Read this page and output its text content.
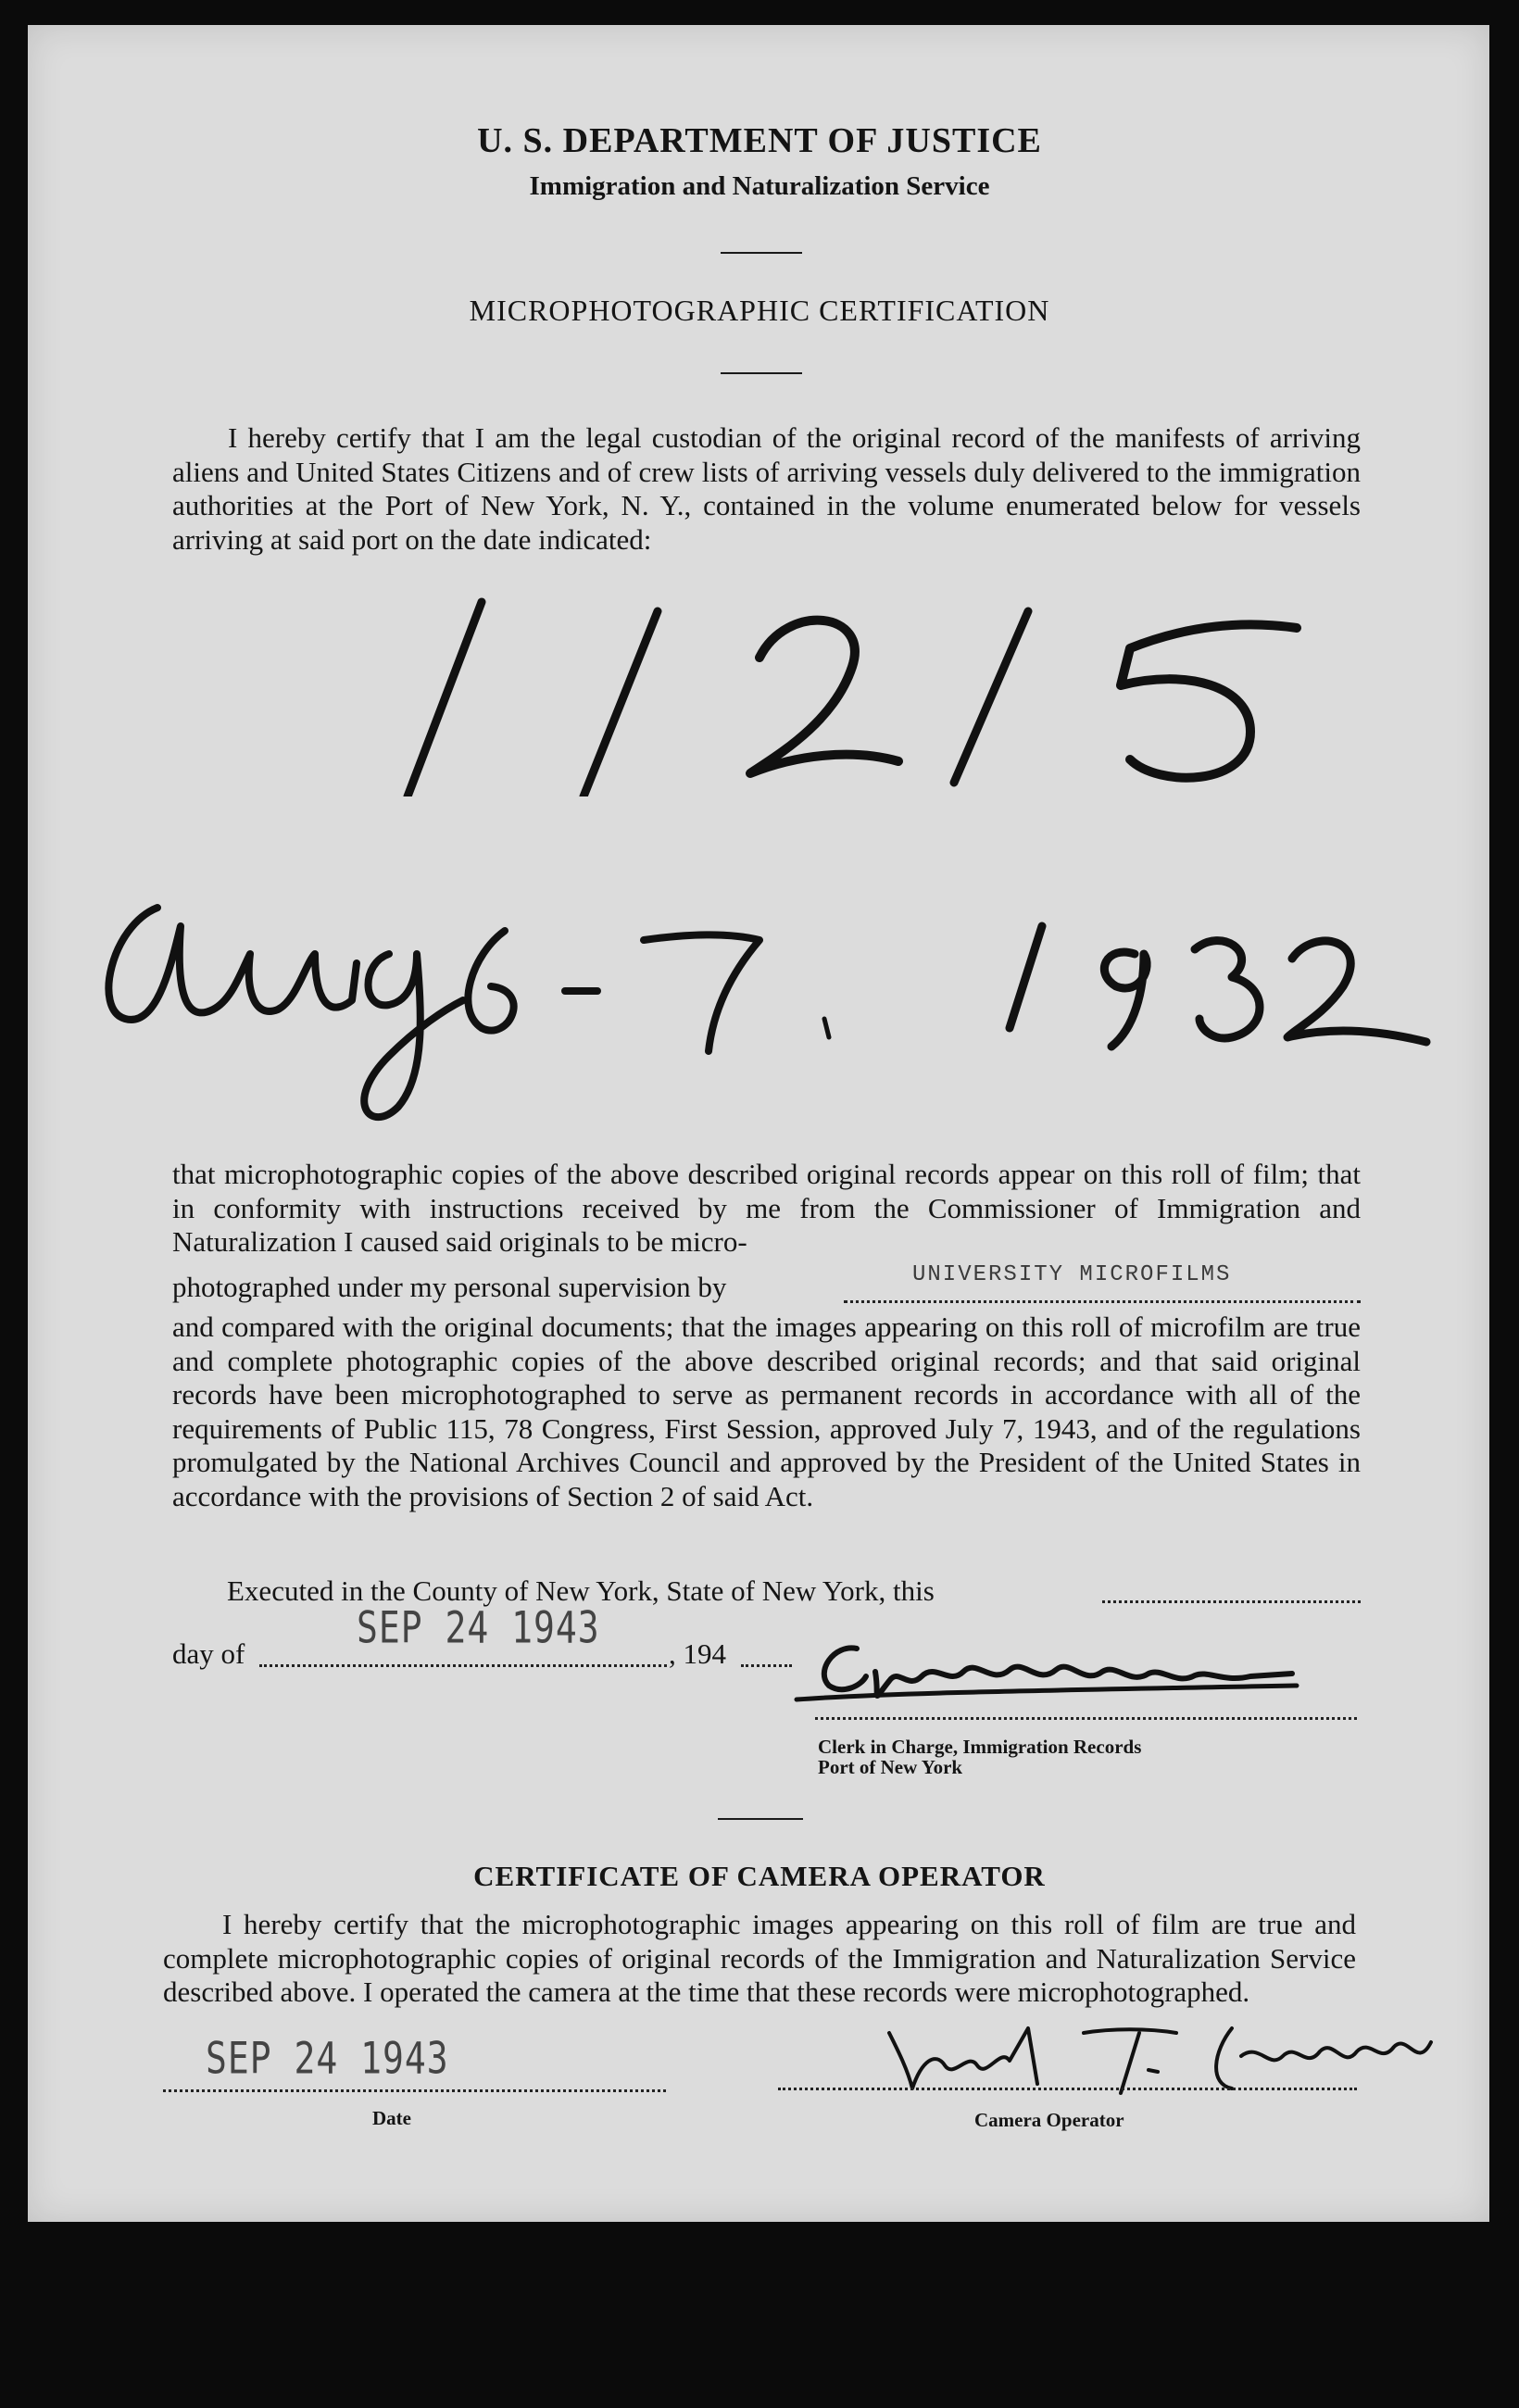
U. S. DEPARTMENT OF JUSTICE
Immigration and Naturalization Service
MICROPHOTOGRAPHIC CERTIFICATION
I hereby certify that I am the legal custodian of the original record of the manifests of arriving aliens and United States Citizens and of crew lists of arriving vessels duly delivered to the immigration authorities at the Port of New York, N. Y., contained in the volume enumerated below for vessels arriving at said port on the date indicated:
that microphotographic copies of the above described original records appear on this roll of film; that in conformity with instructions received by me from the Commissioner of Immigration and Naturalization I caused said originals to be micro-
photographed under my personal supervision by	UNIVERSITY MICROFILMS
and compared with the original documents; that the images appearing on this roll of microfilm are true and complete photographic copies of the above described original records; and that said original records have been microphotographed to serve as permanent records in accordance with all of the requirements of Public 115, 78 Congress, First Session, approved July 7, 1943, and of the regulations promulgated by the National Archives Council and approved by the President of the United States in accordance with the provisions of Section 2 of said Act.
Executed in the County of New York, State of New York, this
day of
SEP 24 1943
, 194
Clerk in Charge, Immigration Records
Port of New York
CERTIFICATE OF CAMERA OPERATOR
I hereby certify that the microphotographic images appearing on this roll of film are true and complete microphotographic copies of original records of the Immigration and Naturalization Service described above. I operated the camera at the time that these records were microphotographed.
SEP 24 1943
Date	Camera Operator
